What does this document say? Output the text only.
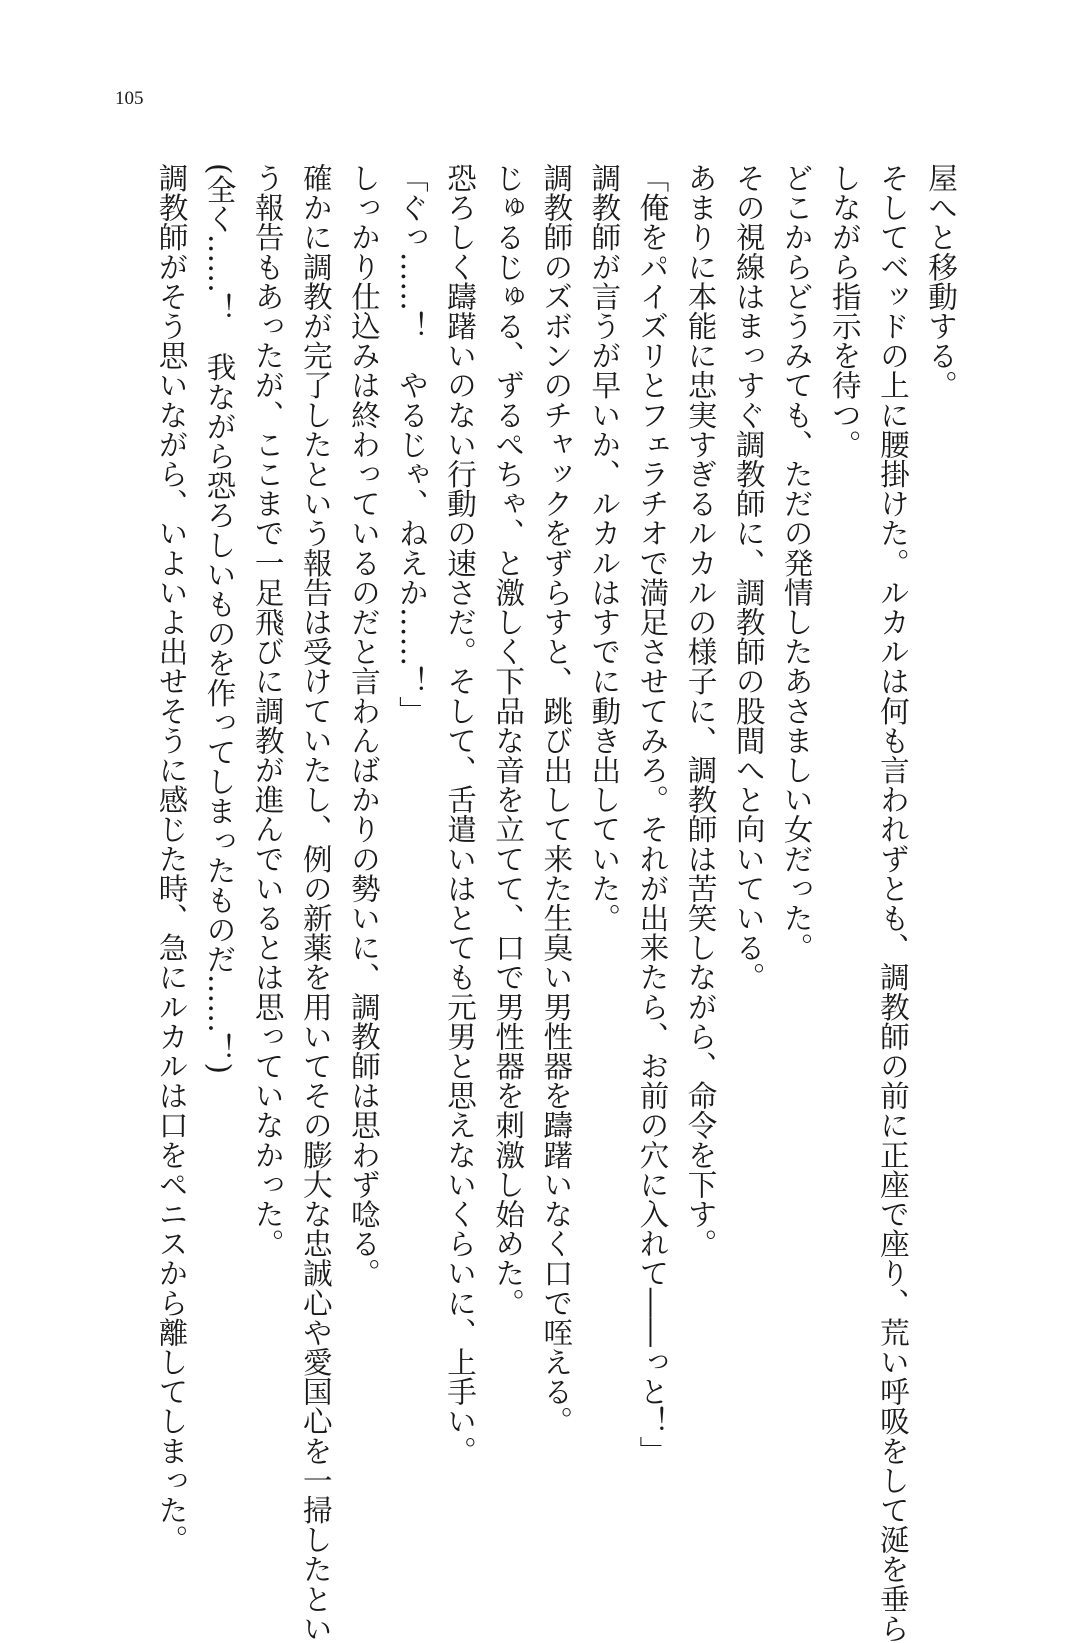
105

屋へと移動する。

そしてベッドの上に腰掛けた。ルカルは何も言われずとも、調教師の前に正座で座り、荒い呼吸をして涎を垂ら

しながら指示を待つ。

どこからどうみても、ただの発情したあさましい女だった。

その視線はまっすぐ調教師に、調教師の股間へと向いている。

あまりに本能に忠実すぎるルカルの様子に、調教師は苦笑しながら、命令を下す。

「俺をパイズリとフェラチオで満足させてみろ。それが出来たら、お前の穴に入れて――っと！」

調教師が言うが早いか、ルカルはすでに動き出していた。

調教師のズボンのチャックをずらすと、跳び出して来た生臭い男性器を躊躇いなく口で咥える。

じゅるじゅる、ずるぺちゃ、と激しく下品な音を立てて、口で男性器を刺激し始めた。

恐ろしく躊躇いのない行動の速さだ。そして、舌遣いはとても元男と思えないくらいに、上手い。

「ぐっ……！　やるじゃ、ねえか……！」

しっかり仕込みは終わっているのだと言わんばかりの勢いに、調教師は思わず唸る。

確かに調教が完了したという報告は受けていたし、例の新薬を用いてその膨大な忠誠心や愛国心を一掃したとい

う報告もあったが、ここまで一足飛びに調教が進んでいるとは思っていなかった。

(全く……！　我ながら恐ろしいものを作ってしまったものだ……！)

調教師がそう思いながら、いよいよ出せそうに感じた時、急にルカルは口をペニスから離してしまった。
